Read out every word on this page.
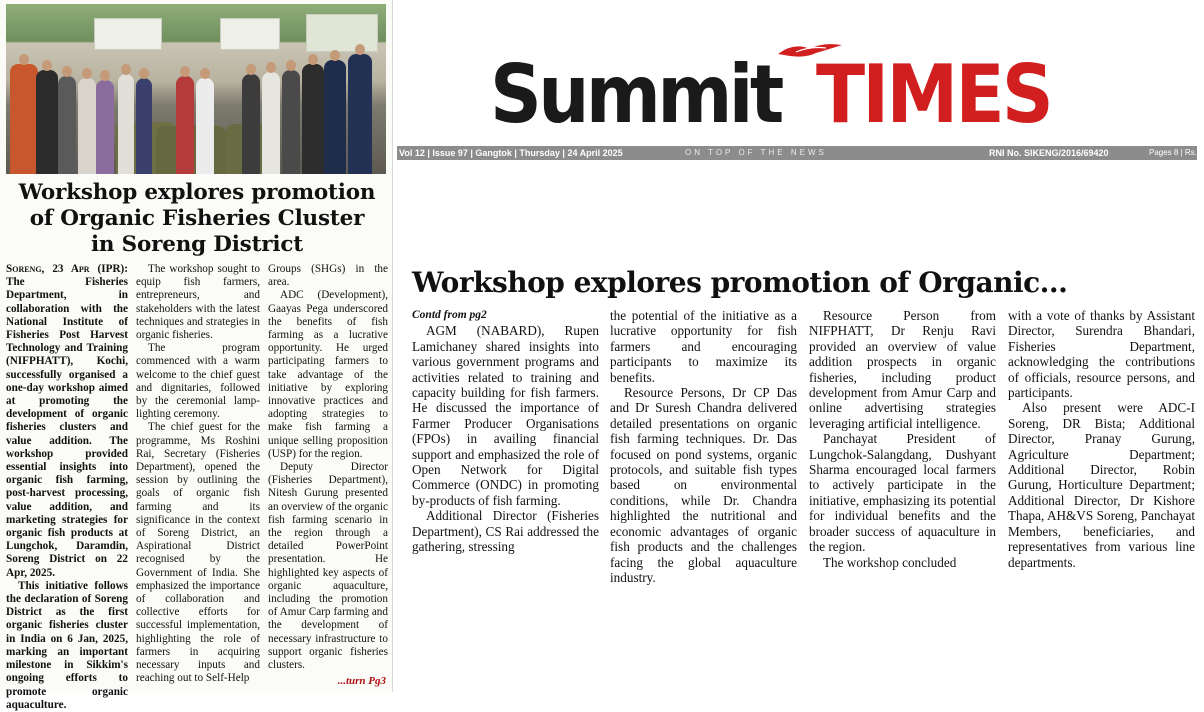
Workshop explores promotion
of Organic Fisheries Cluster
in Soreng District

Soreng, 23 Apr (IPR): The Fisheries Department, in collaboration with the National Institute of Fisheries Post Harvest Technology and Training (NIFPHATT), Kochi, successfully organised a one-day workshop aimed at promoting the development of organic fisheries clusters and value addition. The workshop provided essential insights into organic fish farming, post-harvest processing, value addition, and marketing strategies for organic fish products at Lungchok, Daramdin, Soreng District on 22 Apr, 2025.

This initiative follows the declaration of Soreng District as the first organic fisheries cluster in India on 6 Jan, 2025, marking an important milestone in Sikkim's ongoing efforts to promote organic aquaculture.

The workshop sought to equip fish farmers, entrepreneurs, and stakeholders with the latest techniques and strategies in organic fisheries.

The program commenced with a warm welcome to the chief guest and dignitaries, followed by the ceremonial lamp-lighting ceremony.

The chief guest for the programme, Ms Roshini Rai, Secretary (Fisheries Department), opened the session by outlining the goals of organic fish farming and its significance in the context of Soreng District, an Aspirational District recognised by the Government of India. She emphasized the importance of collaboration and collective efforts for successful implementation, highlighting the role of farmers in acquiring necessary inputs and reaching out to Self-Help

Groups (SHGs) in the area.

ADC (Development), Gaayas Pega underscored the benefits of fish farming as a lucrative opportunity. He urged participating farmers to take advantage of the initiative by exploring innovative practices and adopting strategies to make fish farming a unique selling proposition (USP) for the region.

Deputy Director (Fisheries Department), Nitesh Gurung presented an overview of the organic fish farming scenario in the region through a detailed PowerPoint presentation. He highlighted key aspects of organic aquaculture, including the promotion of Amur Carp farming and the development of necessary infrastructure to support organic fisheries clusters.

...turn Pg3
Summit TIMES
Vol 12 | Issue 97 | Gangtok | Thursday | 24 April 2025	ON TOP OF THE NEWS	RNI No. SIKENG/2016/69420	Pages 8 | Rs. 5
Workshop explores promotion of Organic...
Contd from pg2

AGM (NABARD), Rupen Lamichaney shared insights into various government programs and activities related to training and capacity building for fish farmers. He discussed the importance of Farmer Producer Organisations (FPOs) in availing financial support and emphasized the role of Open Network for Digital Commerce (ONDC) in promoting by-products of fish farming.

Additional Director (Fisheries Department), CS Rai addressed the gathering, stressing

the potential of the initiative as a lucrative opportunity for fish farmers and encouraging participants to maximize its benefits.

Resource Persons, Dr CP Das and Dr Suresh Chandra delivered detailed presentations on organic fish farming techniques. Dr. Das focused on pond systems, organic protocols, and suitable fish types based on environmental conditions, while Dr. Chandra highlighted the nutritional and economic advantages of organic fish products and the challenges facing the global aquaculture industry.

Resource Person from NIFPHATT, Dr Renju Ravi provided an overview of value addition prospects in organic fisheries, including product development from Amur Carp and online advertising strategies leveraging artificial intelligence.

Panchayat President of Lungchok-Salangdang, Dushyant Sharma encouraged local farmers to actively participate in the initiative, emphasizing its potential for individual benefits and the broader success of aquaculture in the region.

The workshop concluded

with a vote of thanks by Assistant Director, Surendra Bhandari, Fisheries Department, acknowledging the contributions of officials, resource persons, and participants.

Also present were ADC-I Soreng, DR Bista; Additional Director, Pranay Gurung, Agriculture Department; Additional Director, Robin Gurung, Horticulture Department; Additional Director, Dr Kishore Thapa, AH&VS Soreng, Panchayat Members, beneficiaries, and representatives from various line departments.
